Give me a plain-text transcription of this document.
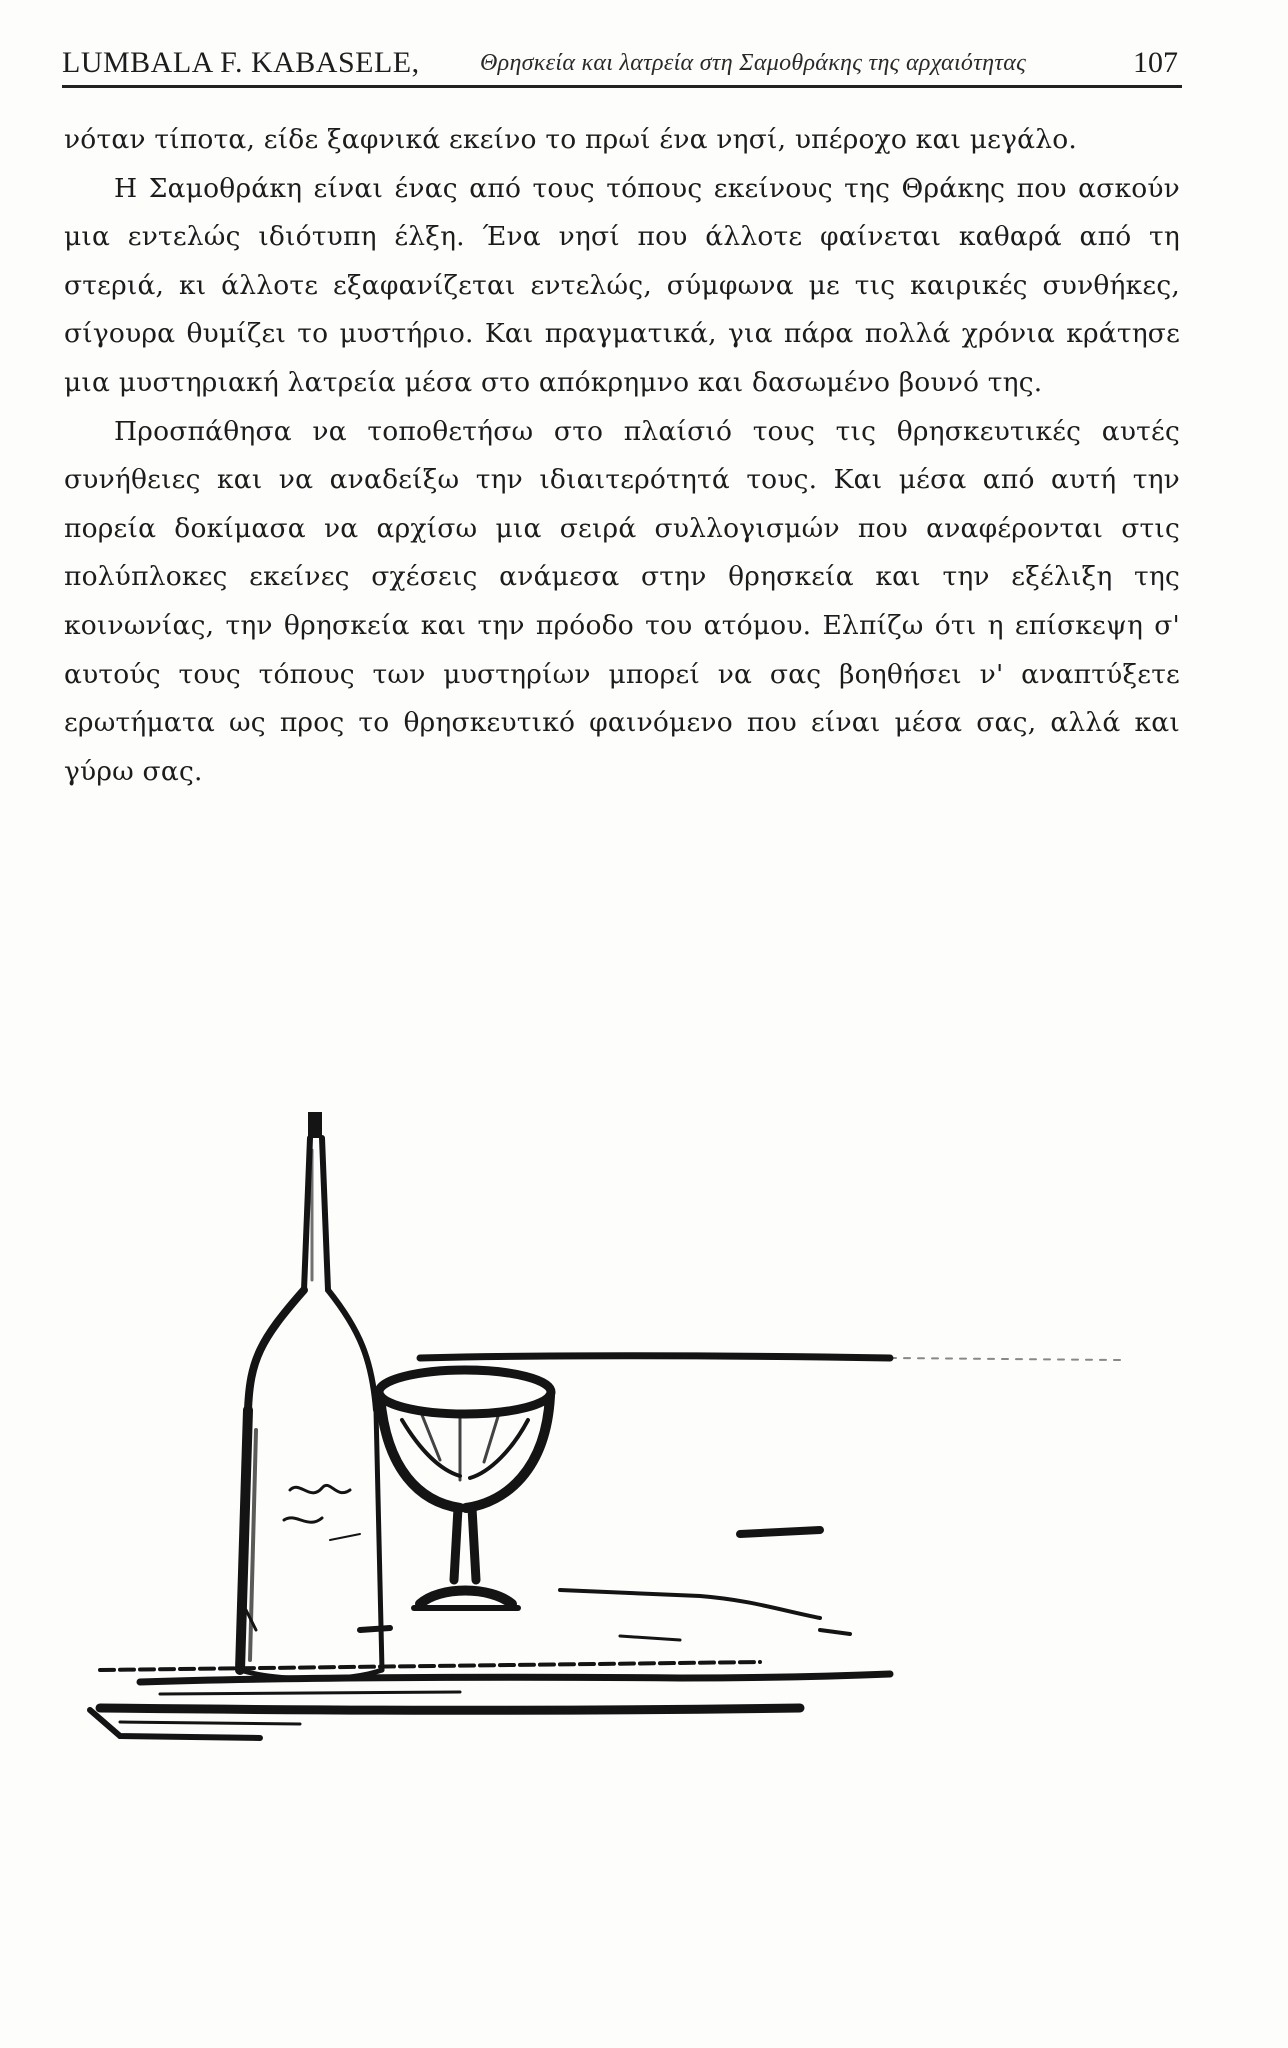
LUMBALA F. KABASELE,	Θρησκεία και λατρεία στη Σαμοθράκης της αρχαιότητας	107

νόταν τίποτα, είδε ξαφνικά εκείνο το πρωί ένα νησί, υπέροχο και μεγάλο.

Η Σαμοθράκη είναι ένας από τους τόπους εκείνους της Θράκης που ασκούν μια εντελώς ιδιότυπη έλξη. Ένα νησί που άλλοτε φαίνεται καθαρά από τη στεριά, κι άλλοτε εξαφανίζεται εντελώς, σύμφωνα με τις καιρικές συνθήκες, σίγουρα θυμίζει το μυστήριο. Και πραγματικά, για πάρα πολλά χρόνια κράτησε μια μυστηριακή λατρεία μέσα στο απόκρημνο και δασωμένο βουνό της.

Προσπάθησα να τοποθετήσω στο πλαίσιό τους τις θρησκευτικές αυτές συνήθειες και να αναδείξω την ιδιαιτερότητά τους. Και μέσα από αυτή την πορεία δοκίμασα να αρχίσω μια σειρά συλλογισμών που αναφέρονται στις πολύπλοκες εκείνες σχέσεις ανάμεσα στην θρησκεία και την εξέλιξη της κοινωνίας, την θρησκεία και την πρόοδο του ατόμου. Ελπίζω ότι η επίσκεψη σ' αυτούς τους τόπους των μυστηρίων μπορεί να σας βοηθήσει ν' αναπτύξετε ερωτήματα ως προς το θρησκευτικό φαινόμενο που είναι μέσα σας, αλλά και γύρω σας.
